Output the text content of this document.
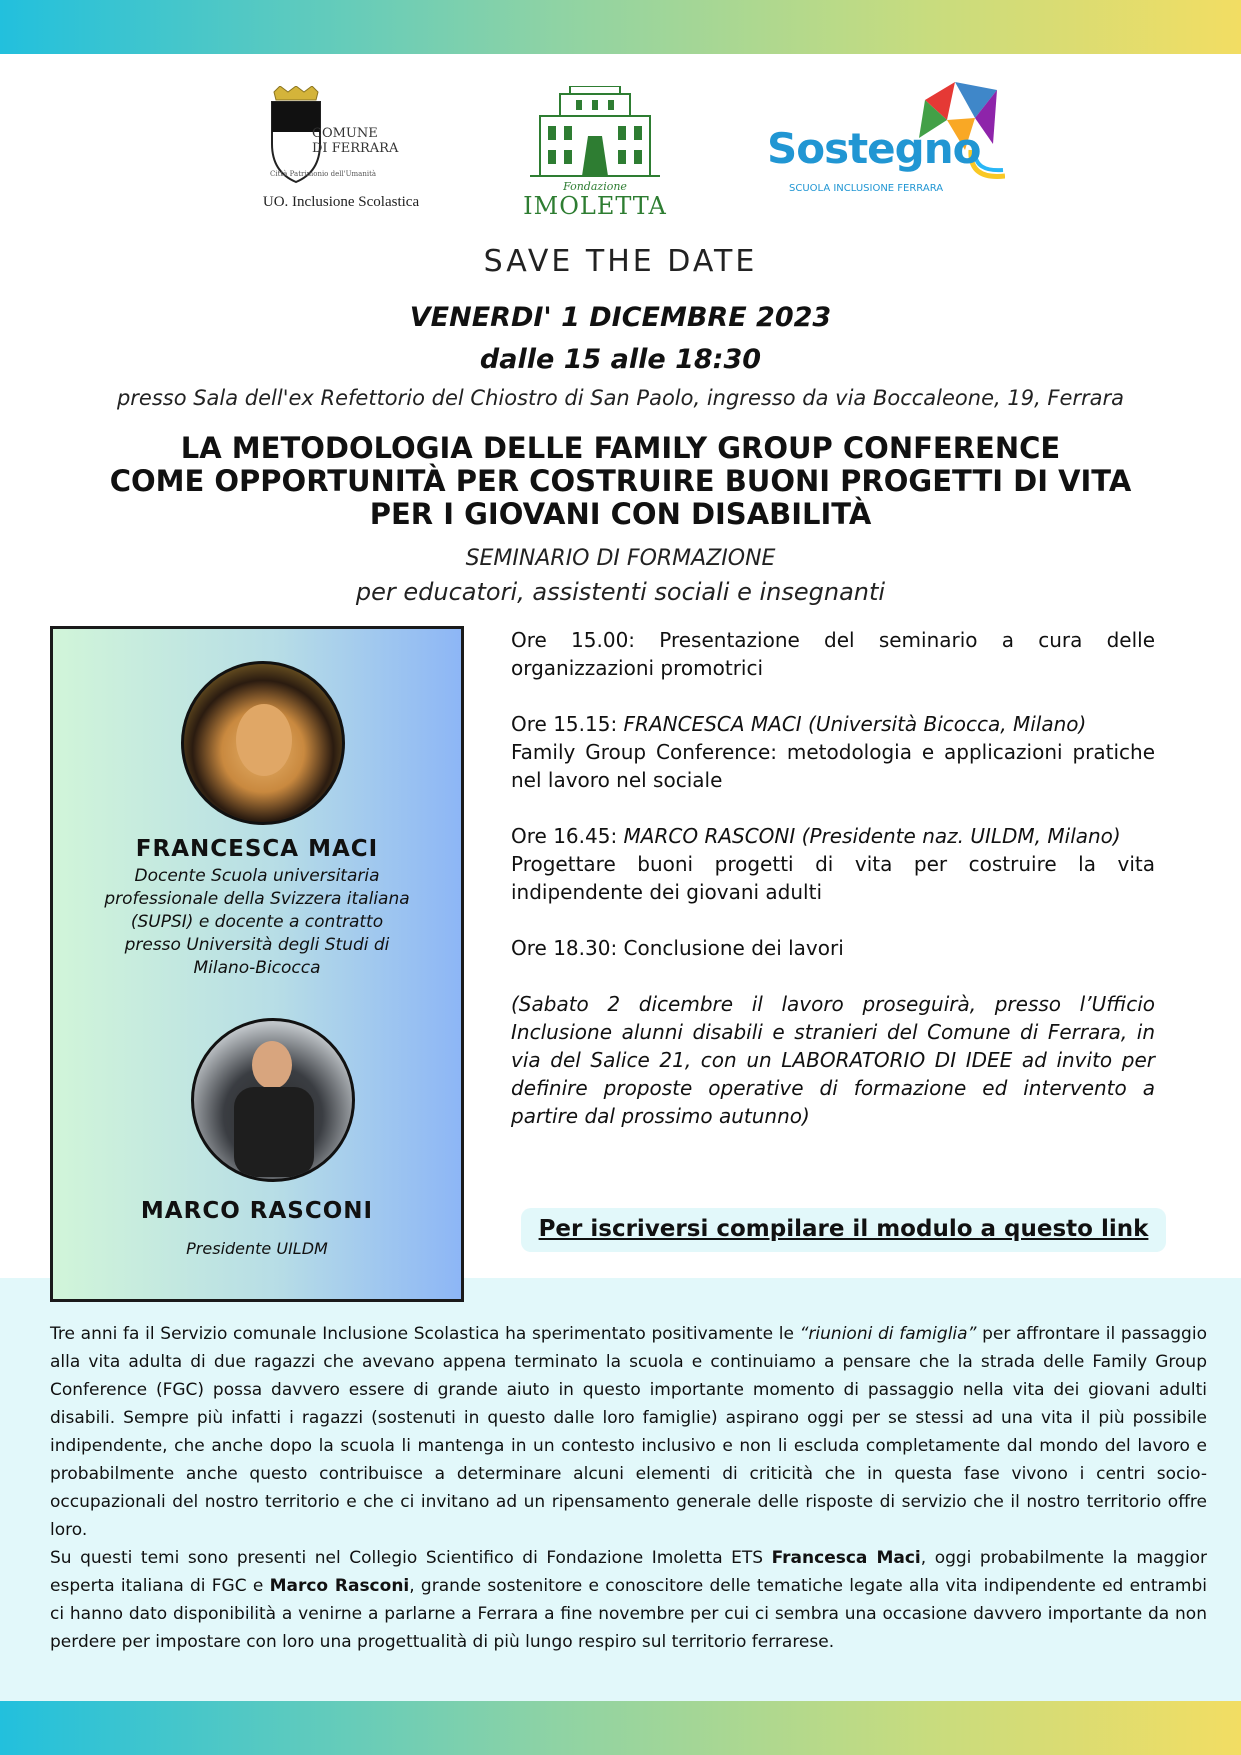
COMUNE
DI FERRARA
Città Patrimonio dell'Umanità
UO. Inclusione Scolastica
Fondazione
IMOLETTA
Sostegno
SCUOLA INCLUSIONE FERRARA
SAVE THE DATE
VENERDI' 1 DICEMBRE 2023
dalle 15 alle 18:30
presso Sala dell'ex Refettorio del Chiostro di San Paolo, ingresso da via Boccaleone, 19, Ferrara
LA METODOLOGIA DELLE FAMILY GROUP CONFERENCE
COME OPPORTUNITÀ PER COSTRUIRE BUONI PROGETTI DI VITA
PER I GIOVANI CON DISABILITÀ
SEMINARIO DI FORMAZIONE
per educatori, assistenti sociali e insegnanti
FRANCESCA MACI
Docente Scuola universitaria
professionale della Svizzera italiana
(SUPSI) e docente a contratto
presso Università degli Studi di
Milano-Bicocca
MARCO RASCONI
Presidente UILDM

Ore 15.00: Presentazione del seminario a cura delle organizzazioni promotrici

Ore 15.15: FRANCESCA MACI (Università Bicocca, Milano)
Family Group Conference: metodologia e applicazioni pratiche nel lavoro nel sociale

Ore 16.45: MARCO RASCONI (Presidente naz. UILDM, Milano)
Progettare buoni progetti di vita per costruire la vita indipendente dei giovani adulti

Ore 18.30: Conclusione dei lavori

(Sabato 2 dicembre il lavoro proseguirà, presso l’Ufficio Inclusione alunni disabili e stranieri del Comune di Ferrara, in via del Salice 21, con un LABORATORIO DI IDEE ad invito per definire proposte operative di formazione ed intervento a partire dal prossimo autunno)

Per iscriversi compilare il modulo a questo link

Tre anni fa il Servizio comunale Inclusione Scolastica ha sperimentato positivamente le “riunioni di famiglia” per affrontare il passaggio alla vita adulta di due ragazzi che avevano appena terminato la scuola e continuiamo a pensare che la strada delle Family Group Conference (FGC) possa davvero essere di grande aiuto in questo importante momento di passaggio nella vita dei giovani adulti disabili. Sempre più infatti i ragazzi (sostenuti in questo dalle loro famiglie) aspirano oggi per se stessi ad una vita il più possibile indipendente, che anche dopo la scuola li mantenga in un contesto inclusivo e non li escluda completamente dal mondo del lavoro e probabilmente anche questo contribuisce a determinare alcuni elementi di criticità che in questa fase vivono i centri socio-occupazionali del nostro territorio e che ci invitano ad un ripensamento generale delle risposte di servizio che il nostro territorio offre loro.

Su questi temi sono presenti nel Collegio Scientifico di Fondazione Imoletta ETS Francesca Maci, oggi probabilmente la maggior esperta italiana di FGC e Marco Rasconi, grande sostenitore e conoscitore delle tematiche legate alla vita indipendente ed entrambi ci hanno dato disponibilità a venirne a parlarne a Ferrara a fine novembre per cui ci sembra una occasione davvero importante da non perdere per impostare con loro una progettualità di più lungo respiro sul territorio ferrarese.
